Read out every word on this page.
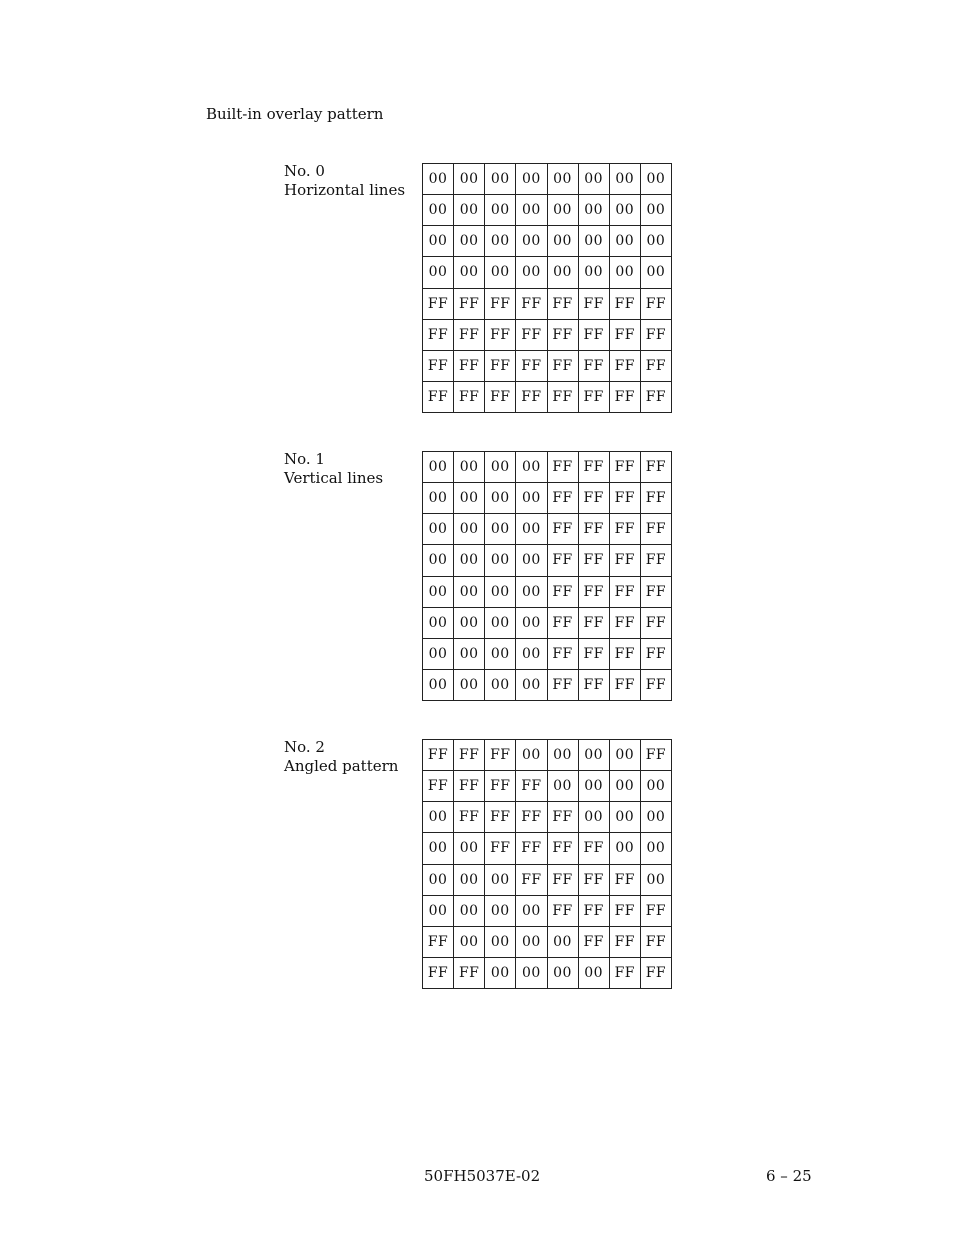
Built-in overlay pattern
No. 0
Horizontal lines
00 00 00 00 00 00 00 00
00 00 00 00 00 00 00 00
00 00 00 00 00 00 00 00
00 00 00 00 00 00 00 00
FF FF FF FF FF FF FF FF
FF FF FF FF FF FF FF FF
FF FF FF FF FF FF FF FF
FF FF FF FF FF FF FF FF
No. 1
Vertical lines
00 00 00 00 FF FF FF FF
00 00 00 00 FF FF FF FF
00 00 00 00 FF FF FF FF
00 00 00 00 FF FF FF FF
00 00 00 00 FF FF FF FF
00 00 00 00 FF FF FF FF
00 00 00 00 FF FF FF FF
00 00 00 00 FF FF FF FF
No. 2
Angled pattern
FF FF FF 00 00 00 00 FF
FF FF FF FF 00 00 00 00
00 FF FF FF FF 00 00 00
00 00 FF FF FF FF 00 00
00 00 00 FF FF FF FF 00
00 00 00 00 FF FF FF FF
FF 00 00 00 00 FF FF FF
FF FF 00 00 00 00 FF FF
50FH5037E-02	6 – 25
